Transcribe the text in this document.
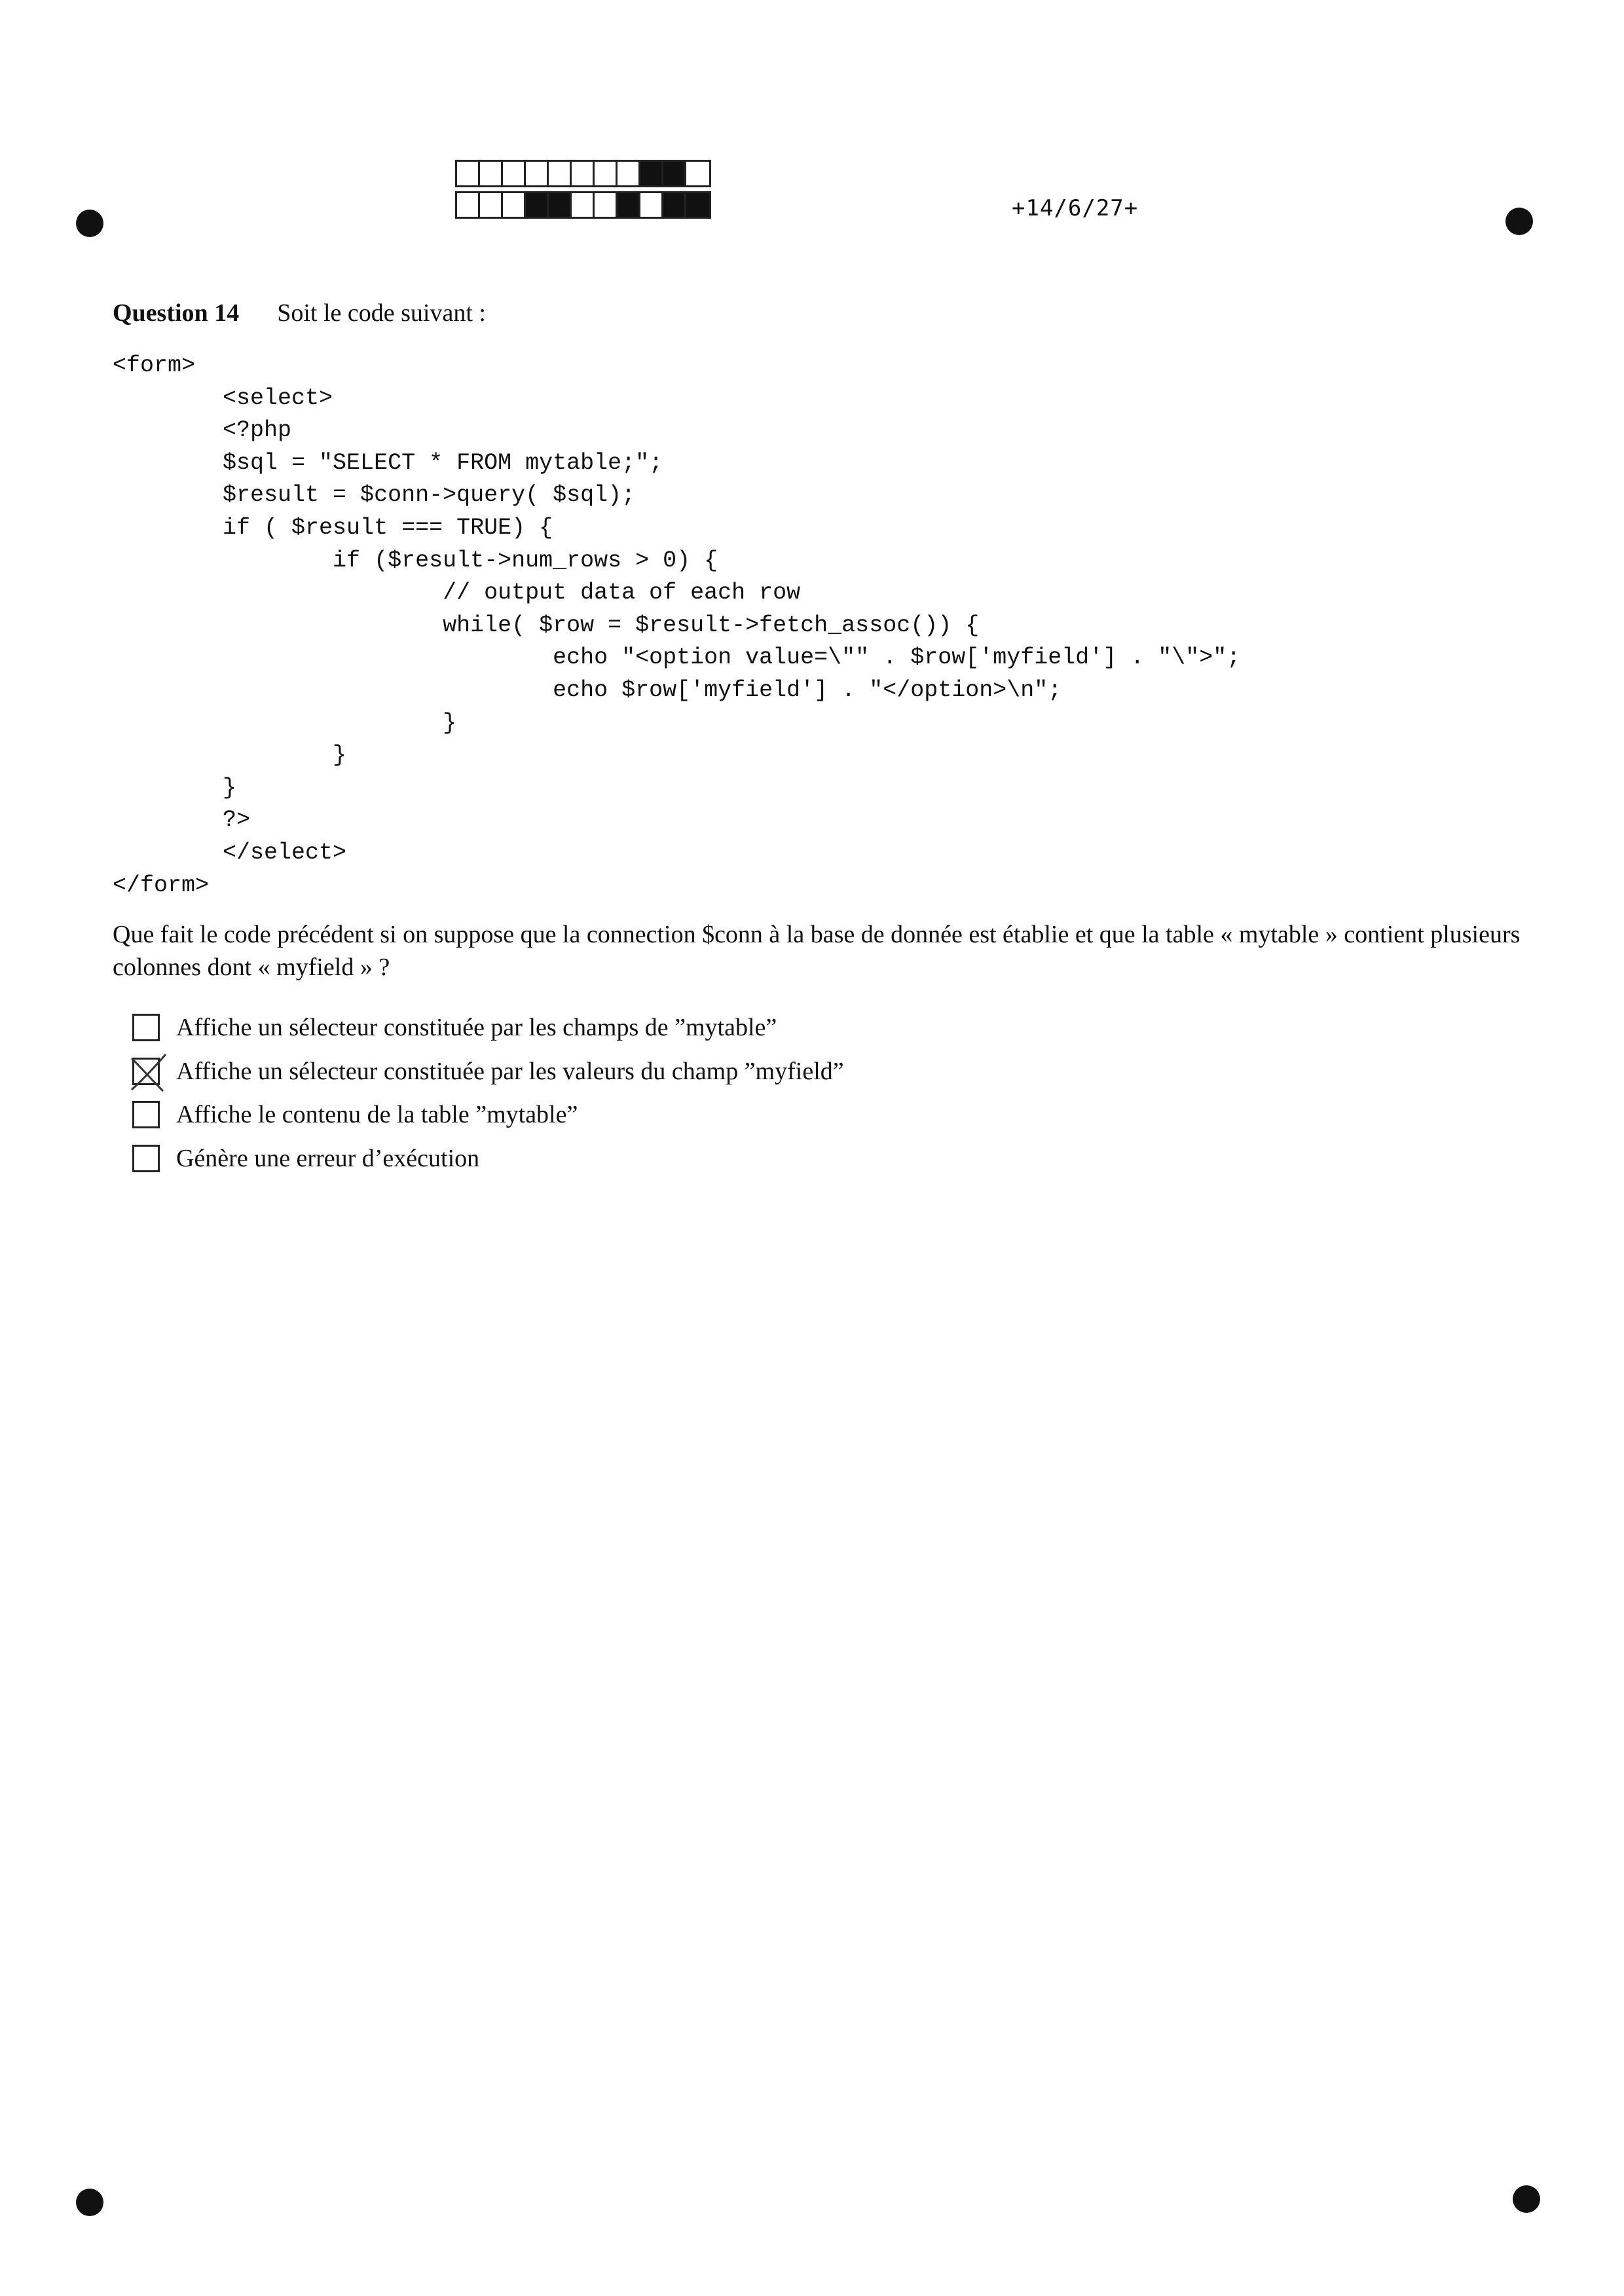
+14/6/27+
Question 14 Soit le code suivant :
<form>
<select>
<?php
$sql = "SELECT * FROM mytable;";
$result = $conn->query( $sql);
if ( $result === TRUE) {
if ($result->num_rows > 0) {
// output data of each row
while( $row = $result->fetch_assoc()) {
echo "<option value=\"" . $row['myfield'] . "\">";
echo $row['myfield'] . "</option>\n";
}
}
}
?>
</select>
</form>
Que fait le code précédent si on suppose que la connection $conn à la base de donnée est établie et que la table « mytable » contient plusieurs colonnes dont « myfield » ?
Affiche un sélecteur constituée par les champs de ”mytable”
Affiche un sélecteur constituée par les valeurs du champ ”myfield”
Affiche le contenu de la table ”mytable”
Génère une erreur d’exécution
